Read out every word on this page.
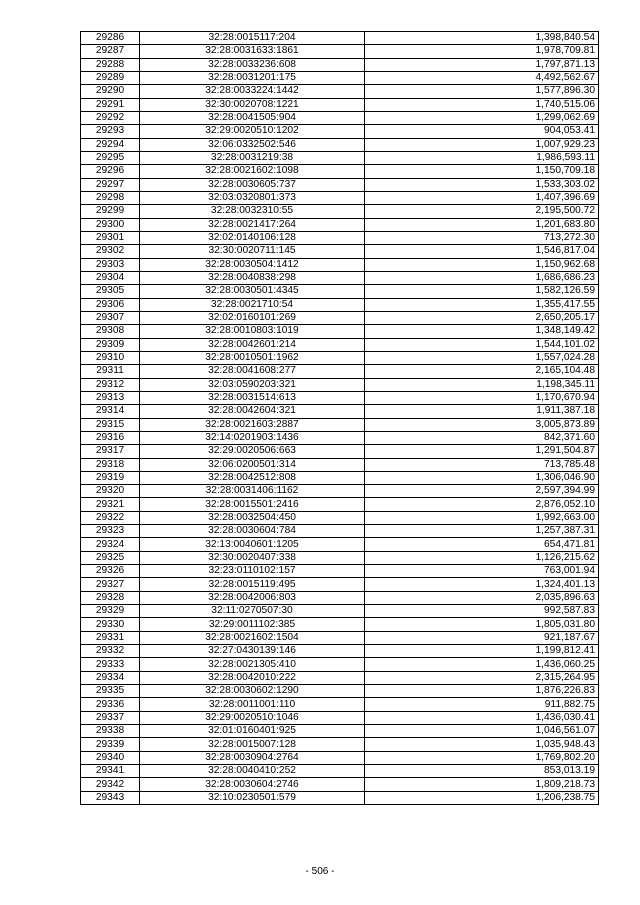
29286	32:28:0015117:204	1,398,840.54
29287	32:28:0031633:1861	1,978,709.81
29288	32:28:0033236:608	1,797,871.13
29289	32:28:0031201:175	4,492,562.67
29290	32:28:0033224:1442	1,577,896.30
29291	32:30:0020708:1221	1,740,515.06
29292	32:28:0041505:904	1,299,062.69
29293	32:29:0020510:1202	904,053.41
29294	32:06:0332502:546	1,007,929.23
29295	32:28:0031219:38	1,986,593.11
29296	32:28:0021602:1098	1,150,709.18
29297	32:28:0030605:737	1,533,303.02
29298	32:03:0320801:373	1,407,396.69
29299	32:28:0032310:55	2,195,500.72
29300	32:28:0021417:264	1,201,683.80
29301	32:02:0140106:128	713,272.30
29302	32:30:0020711:145	1,546,817.04
29303	32:28:0030504:1412	1,150,962.68
29304	32:28:0040838:298	1,686,686.23
29305	32:28:0030501:4345	1,582,126.59
29306	32:28:0021710:54	1,355,417.55
29307	32:02:0160101:269	2,650,205.17
29308	32:28:0010803:1019	1,348,149.42
29309	32:28:0042601:214	1,544,101.02
29310	32:28:0010501:1962	1,557,024.28
29311	32:28:0041608:277	2,165,104.48
29312	32:03:0590203:321	1,198,345.11
29313	32:28:0031514:613	1,170,670.94
29314	32:28:0042604:321	1,911,387.18
29315	32:28:0021603:2887	3,005,873.89
29316	32:14:0201903:1436	842,371.60
29317	32:29:0020506:663	1,291,504.87
29318	32:06:0200501:314	713,785.48
29319	32:28:0042512:808	1,306,046.90
29320	32:28:0031406:1162	2,597,394.99
29321	32:28:0015501:2416	2,876,052.10
29322	32:28:0032504:450	1,992,663.00
29323	32:28:0030604:784	1,257,387.31
29324	32:13:0040601:1205	654,471.81
29325	32:30:0020407:338	1,126,215.62
29326	32:23:0110102:157	763,001.94
29327	32:28:0015119:495	1,324,401.13
29328	32:28:0042006:803	2,035,896.63
29329	32:11:0270507:30	992,587.83
29330	32:29:0011102:385	1,805,031.80
29331	32:28:0021602:1504	921,187.67
29332	32:27:0430139:146	1,199,812.41
29333	32:28:0021305:410	1,436,060.25
29334	32:28:0042010:222	2,315,264.95
29335	32:28:0030602:1290	1,876,226.83
29336	32:28:0011001:110	911,882.75
29337	32:29:0020510:1046	1,436,030.41
29338	32:01:0160401:925	1,046,561.07
29339	32:28:0015007:128	1,035,948.43
29340	32:28:0030904:2764	1,769,802.20
29341	32:28:0040410:252	853,013.19
29342	32:28:0030604:2746	1,809,218.73
29343	32:10:0230501:579	1,206,238.75
- 506 -
